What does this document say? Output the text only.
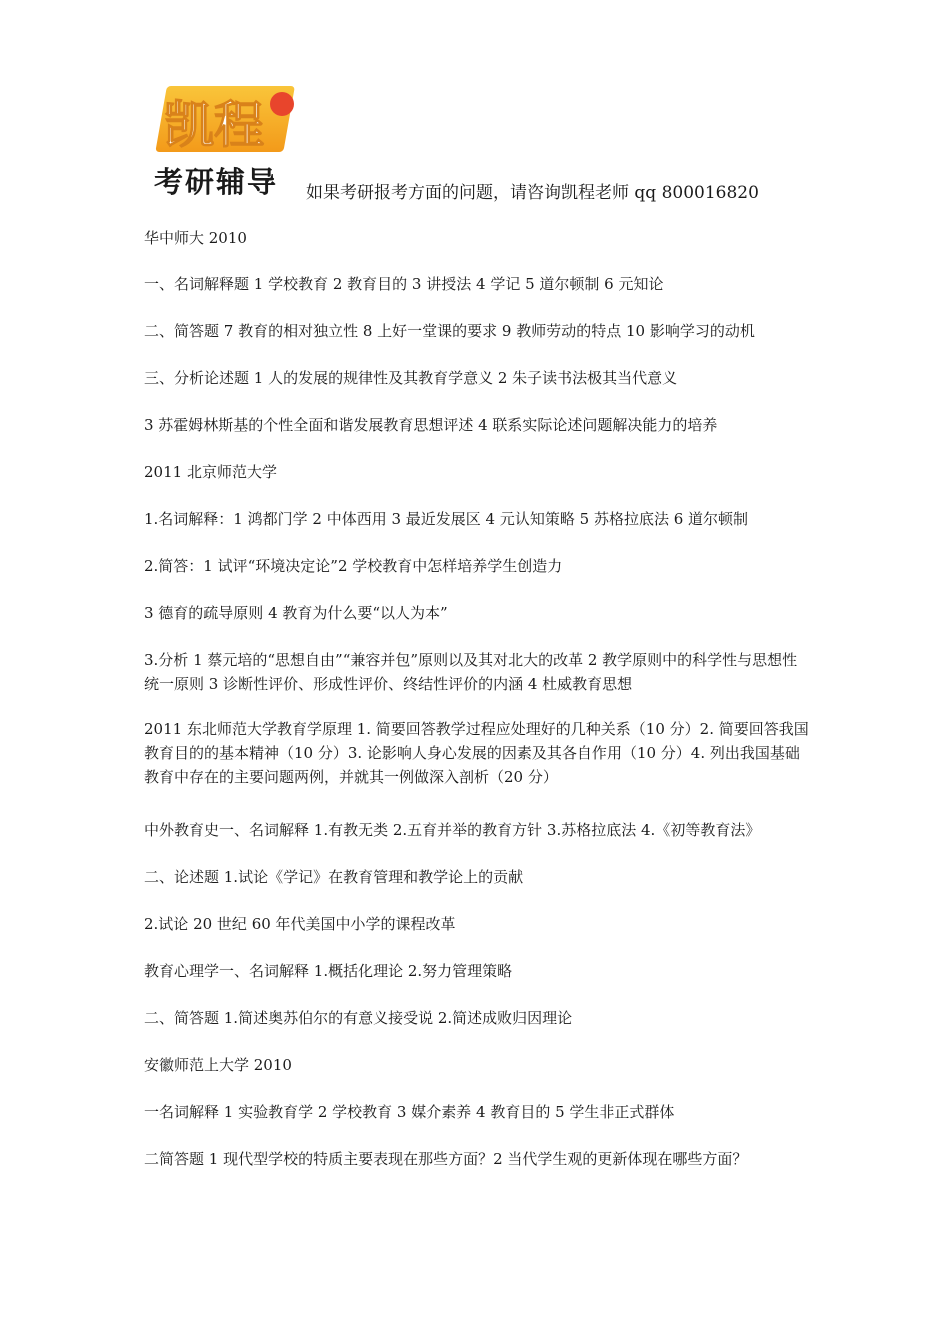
凯程
考研辅导	如果考研报考方面的问题，请咨询凯程老师 qq 800016820

华中师大 2010

一、名词解释题 1 学校教育 2 教育目的 3 讲授法 4 学记 5 道尔顿制 6 元知论

二、简答题 7 教育的相对独立性 8 上好一堂课的要求 9 教师劳动的特点 10 影响学习的动机

三、分析论述题 1 人的发展的规律性及其教育学意义 2 朱子读书法极其当代意义

3 苏霍姆林斯基的个性全面和谐发展教育思想评述 4 联系实际论述问题解决能力的培养

2011 北京师范大学

1.名词解释：1 鸿都门学 2 中体西用 3 最近发展区 4 元认知策略 5 苏格拉底法 6 道尔顿制

2.简答：1 试评“环境决定论”2 学校教育中怎样培养学生创造力

3 德育的疏导原则 4 教育为什么要“以人为本”

3.分析 1 蔡元培的“思想自由”“兼容并包”原则以及其对北大的改革 2 教学原则中的科学性与思想性统一原则 3 诊断性评价、形成性评价、终结性评价的内涵 4 杜威教育思想

2011 东北师范大学教育学原理 1. 简要回答教学过程应处理好的几种关系（10 分）2. 简要回答我国教育目的的基本精神（10 分）3. 论影响人身心发展的因素及其各自作用（10 分）4. 列出我国基础教育中存在的主要问题两例，并就其一例做深入剖析（20 分）

中外教育史一、名词解释 1.有教无类 2.五育并举的教育方针 3.苏格拉底法 4.《初等教育法》

二、论述题 1.试论《学记》在教育管理和教学论上的贡献

2.试论 20 世纪 60 年代美国中小学的课程改革

教育心理学一、名词解释 1.概括化理论 2.努力管理策略

二、简答题 1.简述奥苏伯尔的有意义接受说 2.简述成败归因理论

安徽师范上大学 2010

一名词解释 1 实验教育学 2 学校教育 3 媒介素养 4 教育目的 5 学生非正式群体

二简答题 1 现代型学校的特质主要表现在那些方面？2 当代学生观的更新体现在哪些方面？
